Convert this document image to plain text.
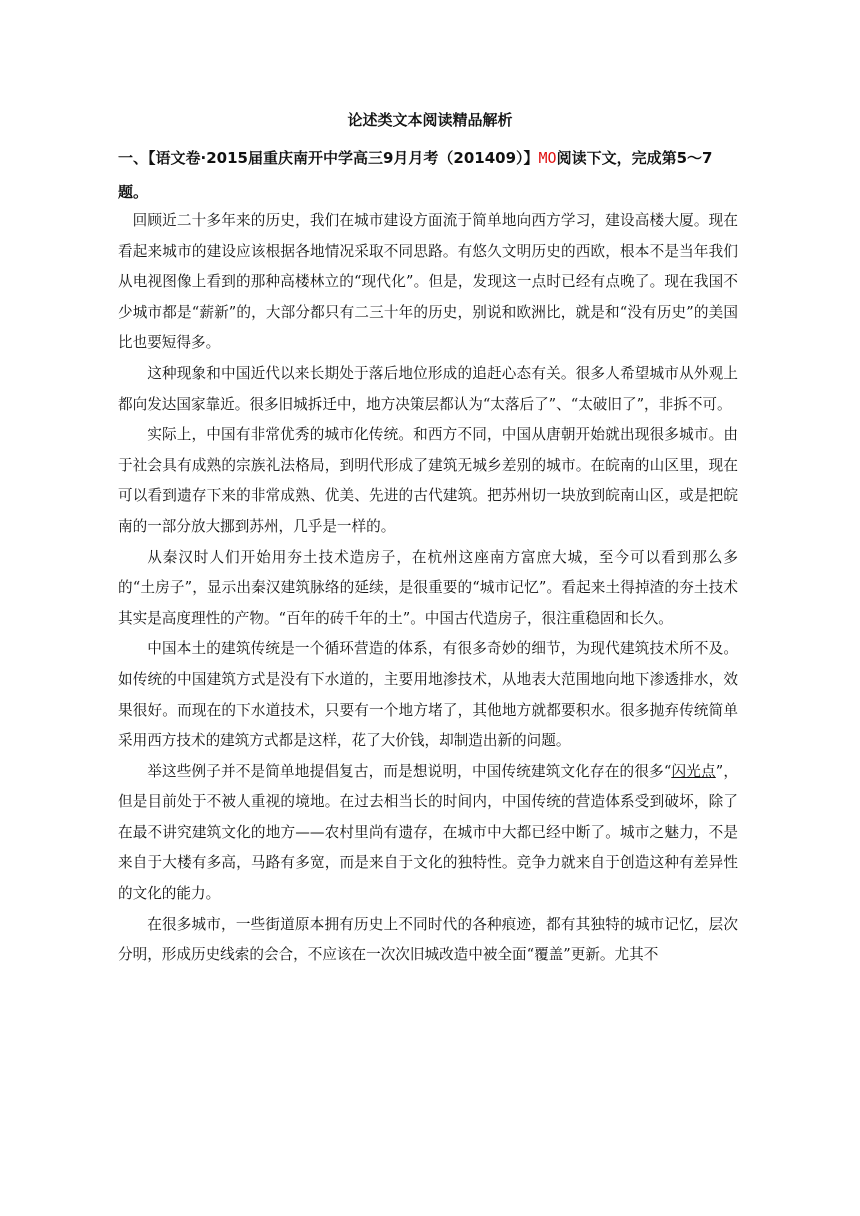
论述类文本阅读精品解析
一、【语文卷·2015届重庆南开中学高三9月月考（201409）】MO阅读下文，完成第5～7题。

回顾近二十多年来的历史，我们在城市建设方面流于简单地向西方学习，建设高楼大厦。现在看起来城市的建设应该根据各地情况采取不同思路。有悠久文明历史的西欧，根本不是当年我们从电视图像上看到的那种高楼林立的“现代化”。但是，发现这一点时已经有点晚了。现在我国不少城市都是“薪新”的，大部分都只有二三十年的历史，别说和欧洲比，就是和“没有历史”的美国比也要短得多。

这种现象和中国近代以来长期处于落后地位形成的追赶心态有关。很多人希望城市从外观上都向发达国家靠近。很多旧城拆迁中，地方决策层都认为“太落后了”、“太破旧了”，非拆不可。

实际上，中国有非常优秀的城市化传统。和西方不同，中国从唐朝开始就出现很多城市。由于社会具有成熟的宗族礼法格局，到明代形成了建筑无城乡差别的城市。在皖南的山区里，现在可以看到遗存下来的非常成熟、优美、先进的古代建筑。把苏州切一块放到皖南山区，或是把皖南的一部分放大挪到苏州，几乎是一样的。

从秦汉时人们开始用夯土技术造房子，在杭州这座南方富庶大城，至今可以看到那么多的“土房子”，显示出秦汉建筑脉络的延续，是很重要的“城市记忆”。看起来土得掉渣的夯土技术其实是高度理性的产物。“百年的砖千年的土”。中国古代造房子，很注重稳固和长久。

中国本土的建筑传统是一个循环营造的体系，有很多奇妙的细节，为现代建筑技术所不及。如传统的中国建筑方式是没有下水道的，主要用地渗技术，从地表大范围地向地下渗透排水，效果很好。而现在的下水道技术，只要有一个地方堵了，其他地方就都要积水。很多抛弃传统简单采用西方技术的建筑方式都是这样，花了大价钱，却制造出新的问题。

举这些例子并不是简单地提倡复古，而是想说明，中国传统建筑文化存在的很多“闪光点”，但是目前处于不被人重视的境地。在过去相当长的时间内，中国传统的营造体系受到破坏，除了在最不讲究建筑文化的地方——农村里尚有遗存，在城市中大都已经中断了。城市之魅力，不是来自于大楼有多高，马路有多宽，而是来自于文化的独特性。竞争力就来自于创造这种有差异性的文化的能力。

在很多城市，一些街道原本拥有历史上不同时代的各种痕迹，都有其独特的城市记忆，层次分明，形成历史线索的会合，不应该在一次次旧城改造中被全面“覆盖”更新。尤其不
